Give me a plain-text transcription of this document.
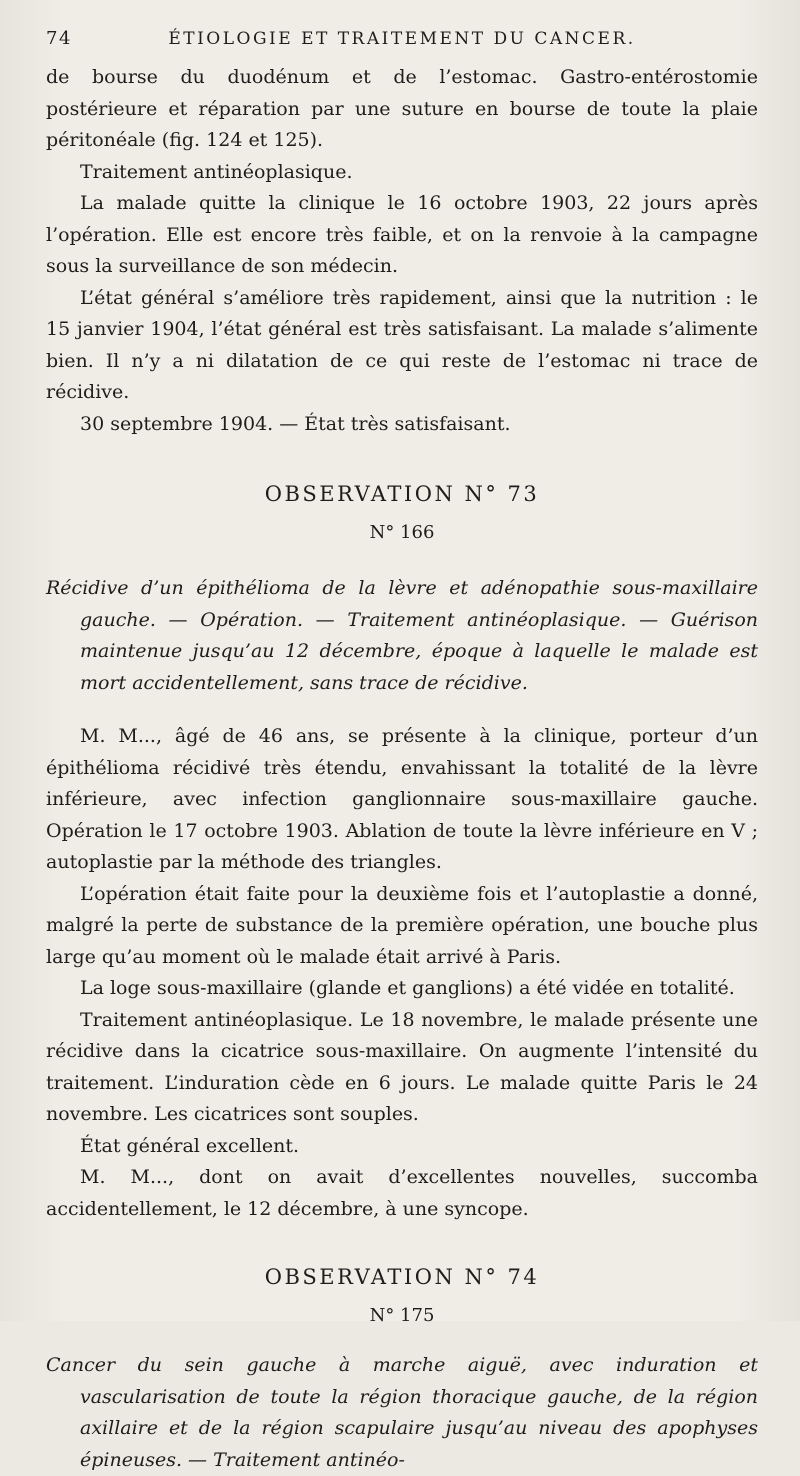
74	ÉTIOLOGIE ET TRAITEMENT DU CANCER.

de bourse du duodénum et de l’estomac. Gastro-entérostomie postérieure et réparation par une suture en bourse de toute la plaie péritonéale (fig. 124 et 125).

Traitement antinéoplasique.

La malade quitte la clinique le 16 octobre 1903, 22 jours après l’opération. Elle est encore très faible, et on la renvoie à la campagne sous la surveillance de son médecin.

L’état général s’améliore très rapidement, ainsi que la nutrition : le 15 janvier 1904, l’état général est très satisfaisant. La malade s’alimente bien. Il n’y a ni dilatation de ce qui reste de l’estomac ni trace de récidive.

30 septembre 1904. — État très satisfaisant.

OBSERVATION N° 73
N° 166

Récidive d’un épithélioma de la lèvre et adénopathie sous-maxillaire gauche. — Opération. — Traitement antinéoplasique. — Guérison maintenue jusqu’au 12 décembre, époque à laquelle le malade est mort accidentellement, sans trace de récidive.

M. M..., âgé de 46 ans, se présente à la clinique, porteur d’un épithélioma récidivé très étendu, envahissant la totalité de la lèvre inférieure, avec infection ganglionnaire sous-maxillaire gauche. Opération le 17 octobre 1903. Ablation de toute la lèvre inférieure en V ; autoplastie par la méthode des triangles.

L’opération était faite pour la deuxième fois et l’autoplastie a donné, malgré la perte de substance de la première opération, une bouche plus large qu’au moment où le malade était arrivé à Paris.

La loge sous-maxillaire (glande et ganglions) a été vidée en totalité.

Traitement antinéoplasique. Le 18 novembre, le malade présente une récidive dans la cicatrice sous-maxillaire. On augmente l’intensité du traitement. L’induration cède en 6 jours. Le malade quitte Paris le 24 novembre. Les cicatrices sont souples.

État général excellent.

M. M..., dont on avait d’excellentes nouvelles, succomba accidentellement, le 12 décembre, à une syncope.

OBSERVATION N° 74
N° 175

Cancer du sein gauche à marche aiguë, avec induration et vascularisation de toute la région thoracique gauche, de la région axillaire et de la région scapulaire jusqu’au niveau des apophyses épineuses. — Traitement antinéo-
